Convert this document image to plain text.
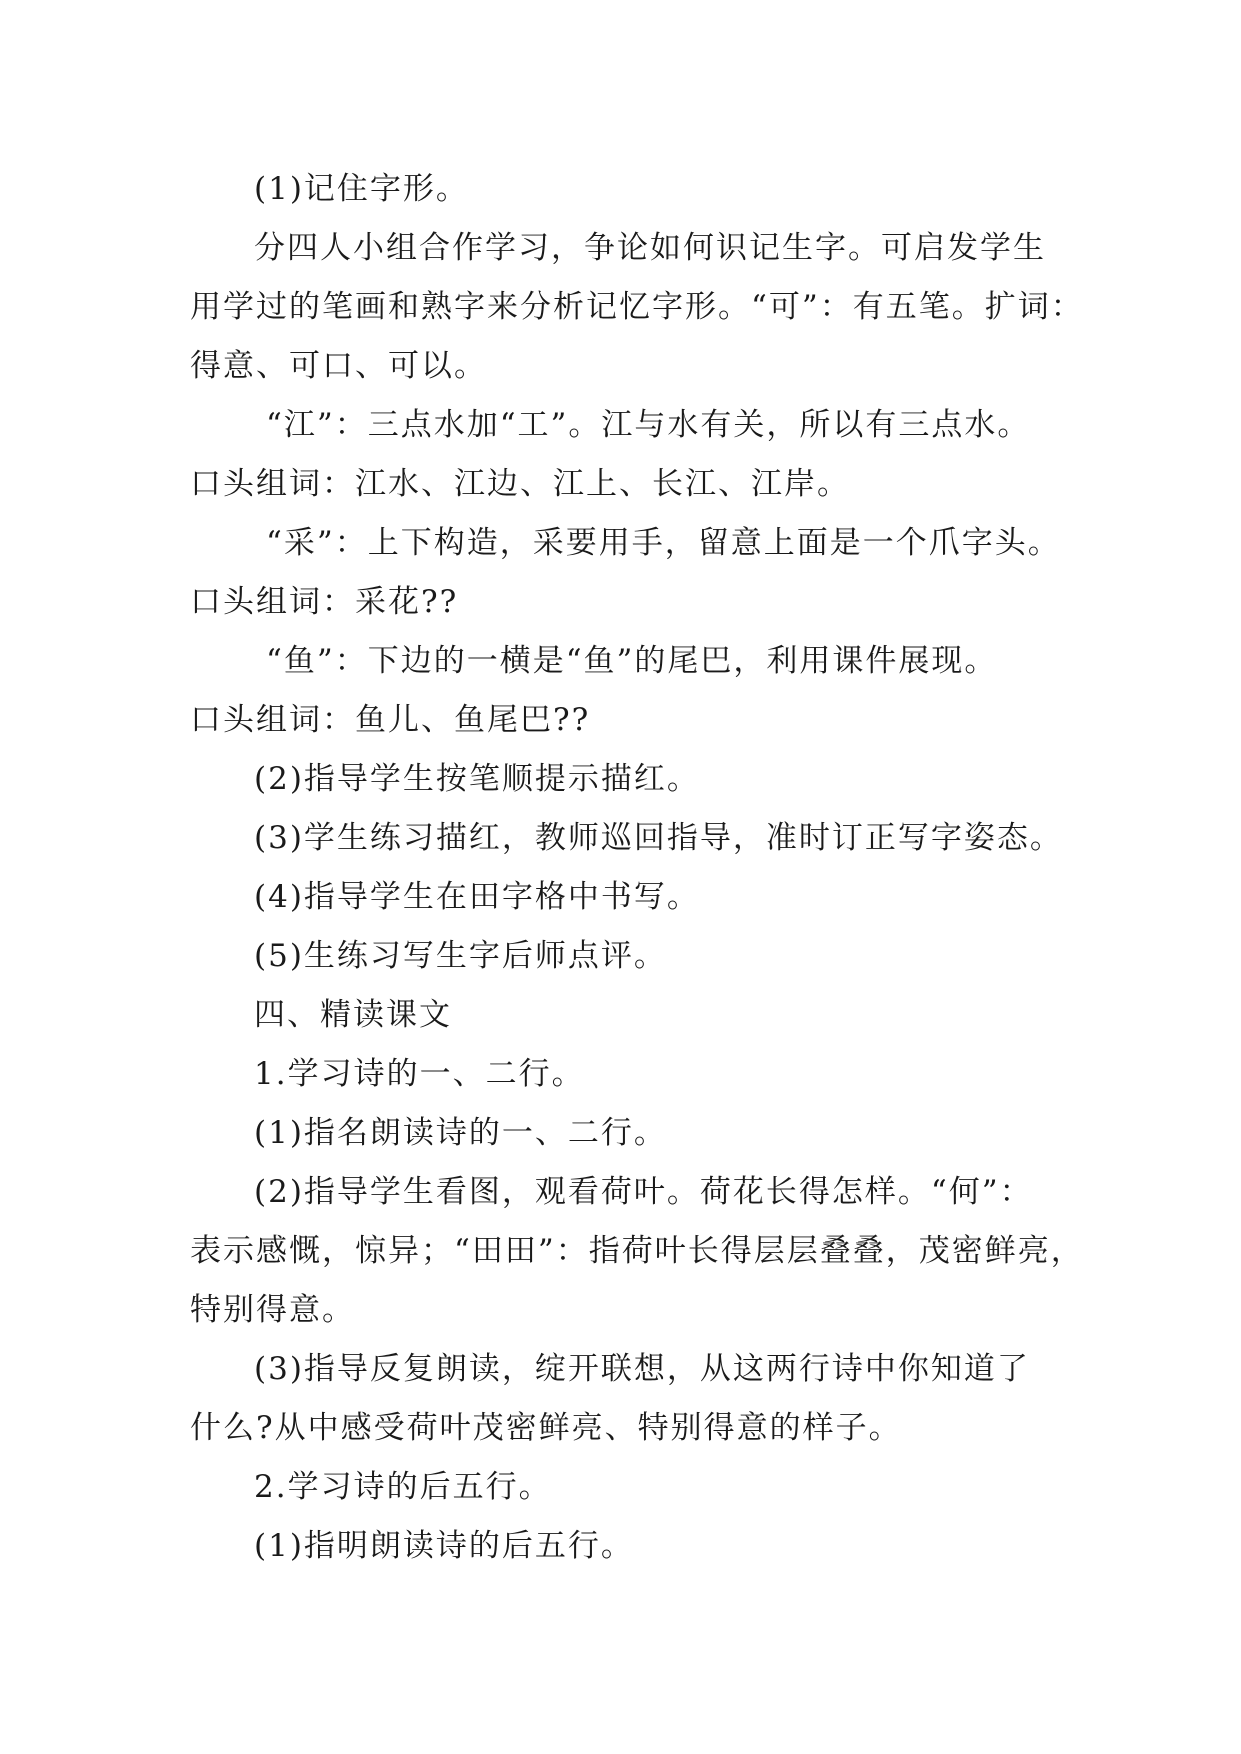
(1)记住字形。
分四人小组合作学习，争论如何识记生字。可启发学生
用学过的笔画和熟字来分析记忆字形。“可”：有五笔。扩词：
得意、可口、可以。
“江”：三点水加“工”。江与水有关，所以有三点水。
口头组词：江水、江边、江上、长江、江岸。
“采”：上下构造，采要用手，留意上面是一个爪字头。
口头组词：采花??
“鱼”：下边的一横是“鱼”的尾巴，利用课件展现。
口头组词：鱼儿、鱼尾巴??
(2)指导学生按笔顺提示描红。
(3)学生练习描红，教师巡回指导，准时订正写字姿态。
(4)指导学生在田字格中书写。
(5)生练习写生字后师点评。
四、精读课文
1.学习诗的一、二行。
(1)指名朗读诗的一、二行。
(2)指导学生看图，观看荷叶。荷花长得怎样。“何”：
表示感慨，惊异；“田田”：指荷叶长得层层叠叠，茂密鲜亮，
特别得意。
(3)指导反复朗读，绽开联想，从这两行诗中你知道了
什么?从中感受荷叶茂密鲜亮、特别得意的样子。
2.学习诗的后五行。
(1)指明朗读诗的后五行。
